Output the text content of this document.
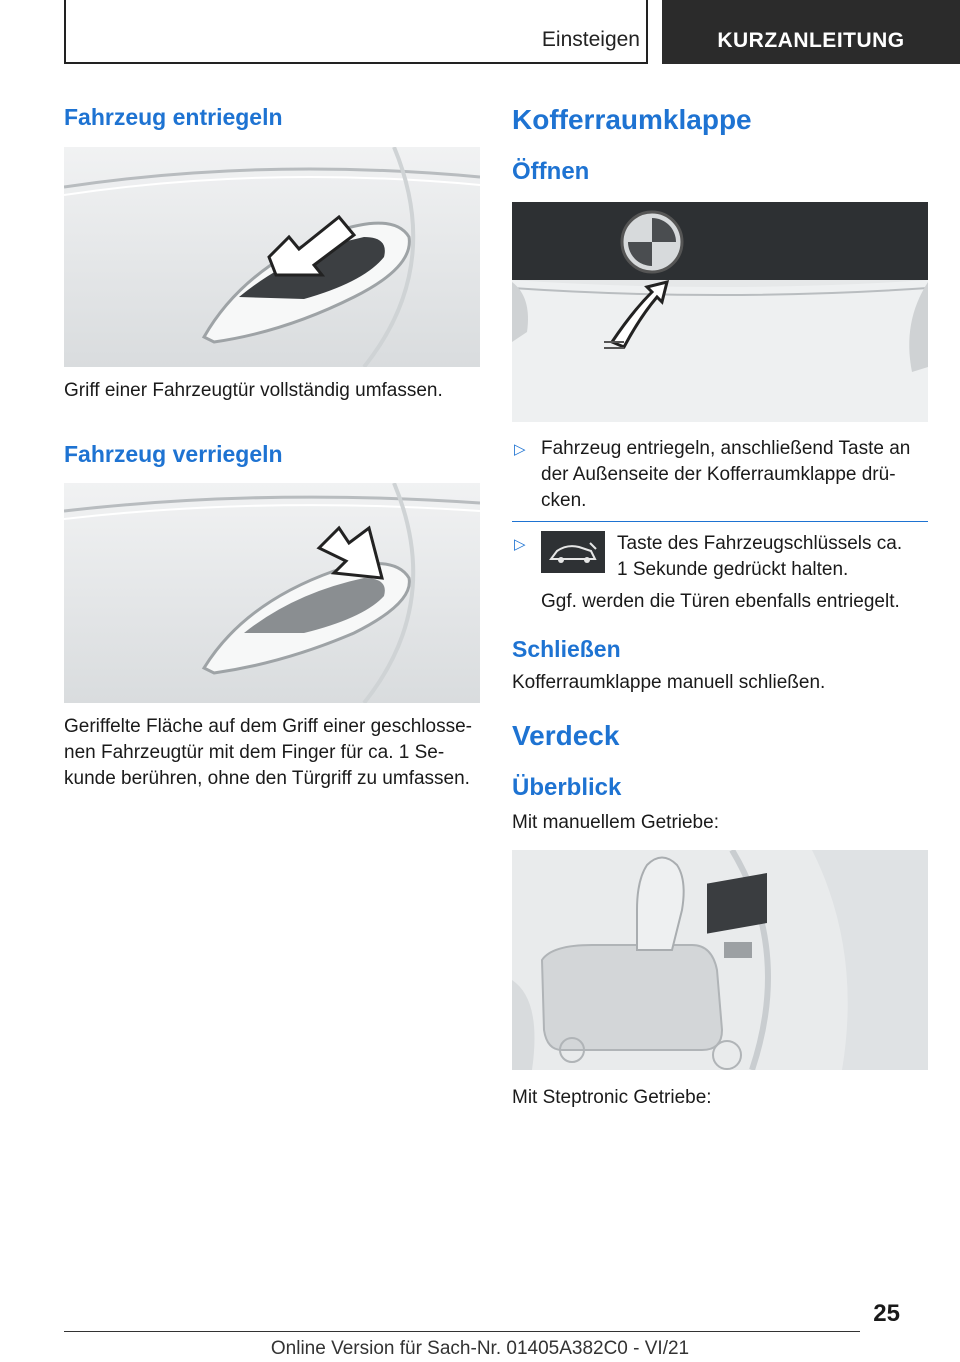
Einsteigen	KURZANLEITUNG
Fahrzeug entriegeln
Griff einer Fahrzeugtür vollständig umfassen.
Fahrzeug verriegeln
Geriffelte Fläche auf dem Griff einer geschlosse-
nen Fahrzeugtür mit dem Finger für ca. 1 Se-
kunde berühren, ohne den Türgriff zu umfassen.
Kofferraumklappe
Öffnen
▷ Fahrzeug entriegeln, anschließend Taste an
der Außenseite der Kofferraumklappe drü-
cken.
▷	Taste des Fahrzeugschlüssels ca.
1 Sekunde gedrückt halten.
Ggf. werden die Türen ebenfalls entriegelt.
Schließen
Kofferraumklappe manuell schließen.
Verdeck
Überblick
Mit manuellem Getriebe:
Mit Steptronic Getriebe:
25
Online Version für Sach-Nr. 01405A382C0 - VI/21
